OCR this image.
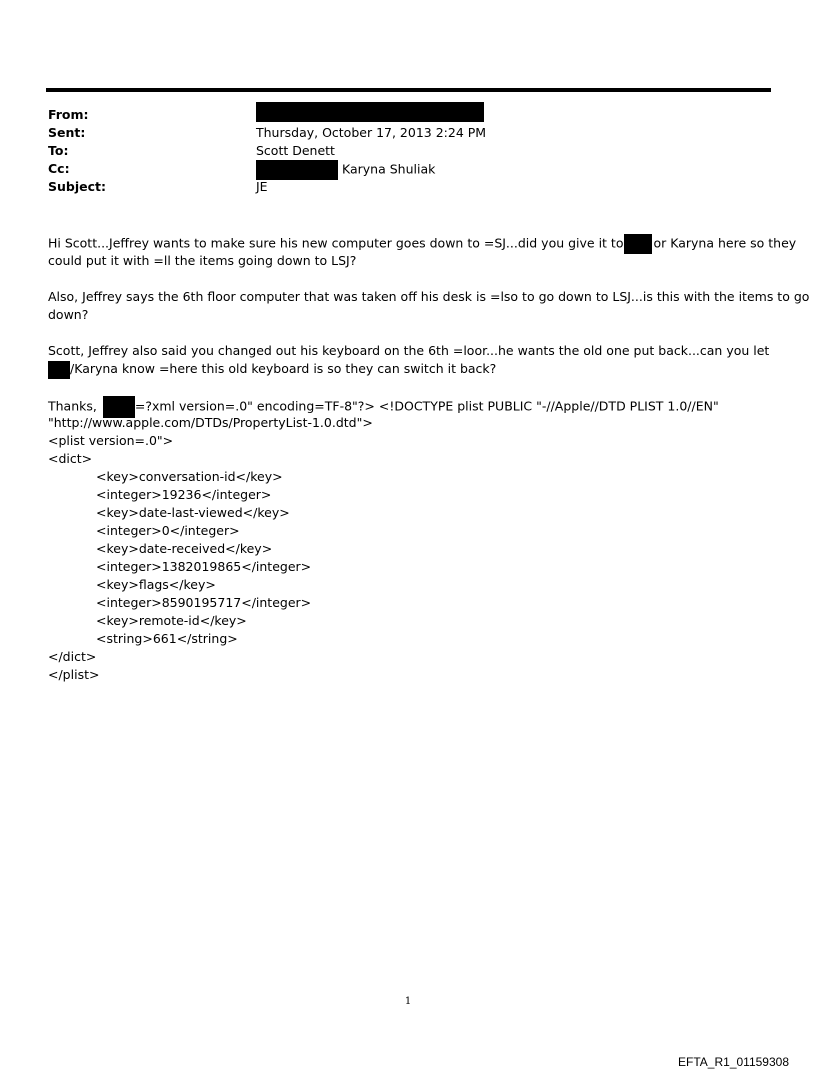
From:
Sent:	Thursday, October 17, 2013 2:24 PM
To:	Scott Denett
Cc:	Karyna Shuliak
Subject:	JE
Hi Scott...Jeffrey wants to make sure his new computer goes down to =SJ...did you give it to or Karyna here so they
could put it with =ll the items going down to LSJ?
Also, Jeffrey says the 6th floor computer that was taken off his desk is =lso to go down to LSJ...is this with the items to go
down?
Scott, Jeffrey also said you changed out his keyboard on the 6th =loor...he wants the old one put back...can you let
/Karyna know =here this old keyboard is so they can switch it back?
Thanks,	=?xml version=.0" encoding=TF-8"?> <!DOCTYPE plist PUBLIC "-//Apple//DTD PLIST 1.0//EN"
"http://www.apple.com/DTDs/PropertyList-1.0.dtd">
<plist version=.0">
<dict>
<key>conversation-id</key>
<integer>19236</integer>
<key>date-last-viewed</key>
<integer>0</integer>
<key>date-received</key>
<integer>1382019865</integer>
<key>flags</key>
<integer>8590195717</integer>
<key>remote-id</key>
<string>661</string>
</dict>
</plist>
1
EFTA_R1_01159308
